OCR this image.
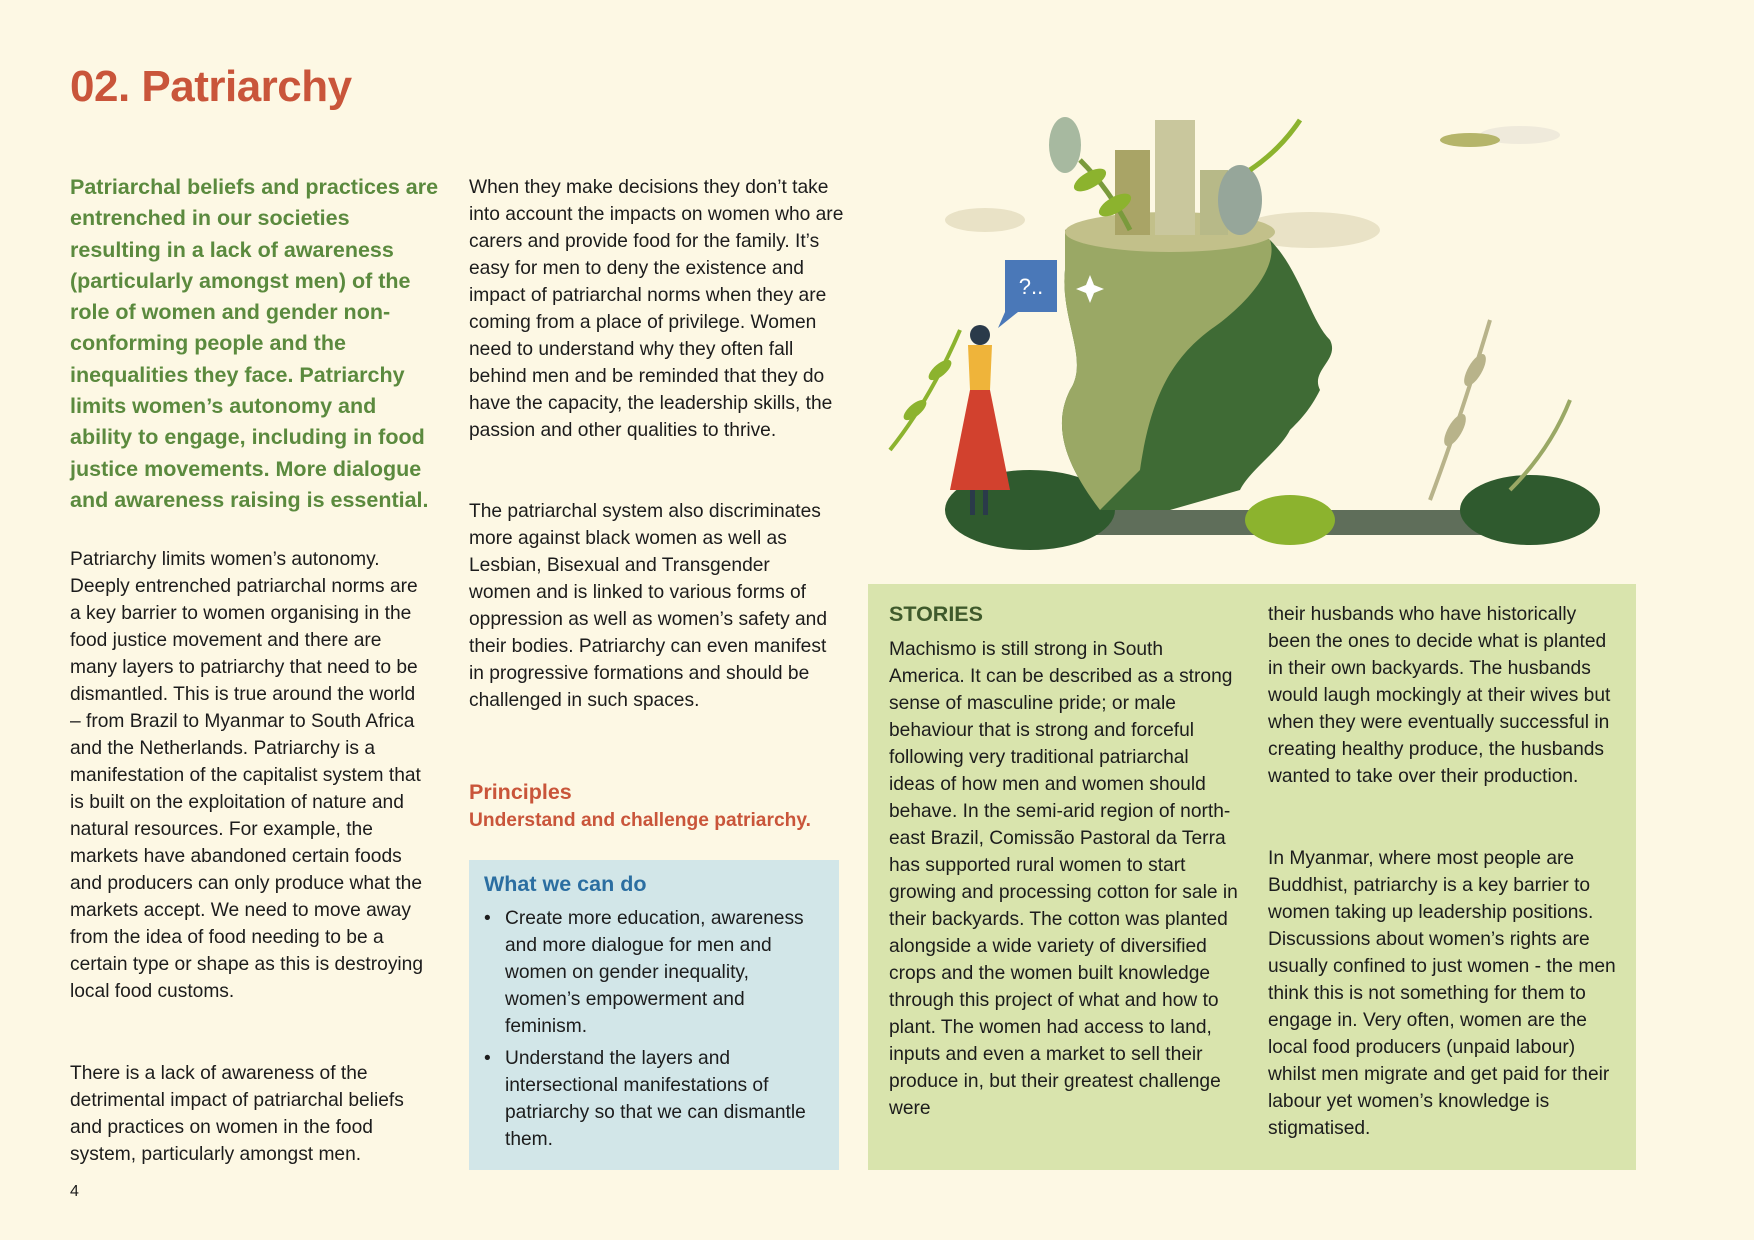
02. Patriarchy

Patriarchal beliefs and practices are entrenched in our societies resulting in a lack of awareness (particularly amongst men) of the role of women and gender non-conforming people and the inequalities they face. Patriarchy limits women’s autonomy and ability to engage, including in food justice movements. More dialogue and awareness raising is essential.

Patriarchy limits women’s autonomy. Deeply entrenched patriarchal norms are a key barrier to women organising in the food justice movement and there are many layers to patriarchy that need to be dismantled. This is true around the world – from Brazil to Myanmar to South Africa and the Netherlands. Patriarchy is a manifestation of the capitalist system that is built on the exploitation of nature and natural resources. For example, the markets have abandoned certain foods and producers can only produce what the markets accept. We need to move away from the idea of food needing to be a certain type or shape as this is destroying local food customs.

There is a lack of awareness of the detrimental impact of patriarchal beliefs and practices on women in the food system, particularly amongst men.

When they make decisions they don’t take into account the impacts on women who are carers and provide food for the family. It’s easy for men to deny the existence and impact of patriarchal norms when they are coming from a place of privilege. Women need to understand why they often fall behind men and be reminded that they do have the capacity, the leadership skills, the passion and other qualities to thrive.

The patriarchal system also discriminates more against black women as well as Lesbian, Bisexual and Transgender women and is linked to various forms of oppression as well as women’s safety and their bodies. Patriarchy can even manifest in progressive formations and should be challenged in such spaces.

Principles

Understand and challenge patriarchy.

What we can do

• Create more education, awareness and more dialogue for men and women on gender inequality, women’s empowerment and feminism.
• Understand the layers and intersectional manifestations of patriarchy so that we can dismantle them.

STORIES

Machismo is still strong in South America. It can be described as a strong sense of masculine pride; or male behaviour that is strong and forceful following very traditional patriarchal ideas of how men and women should behave. In the semi-arid region of north-east Brazil, Comissão Pastoral da Terra has supported rural women to start growing and processing cotton for sale in their backyards. The cotton was planted alongside a wide variety of diversified crops and the women built knowledge through this project of what and how to plant. The women had access to land, inputs and even a market to sell their produce in, but their greatest challenge were

their husbands who have historically been the ones to decide what is planted in their own backyards. The husbands would laugh mockingly at their wives but when they were eventually successful in creating healthy produce, the husbands wanted to take over their production.

In Myanmar, where most people are Buddhist, patriarchy is a key barrier to women taking up leadership positions. Discussions about women’s rights are usually confined to just women - the men think this is not something for them to engage in. Very often, women are the local food producers (unpaid labour) whilst men migrate and get paid for their labour yet women’s knowledge is stigmatised.

4

?..
